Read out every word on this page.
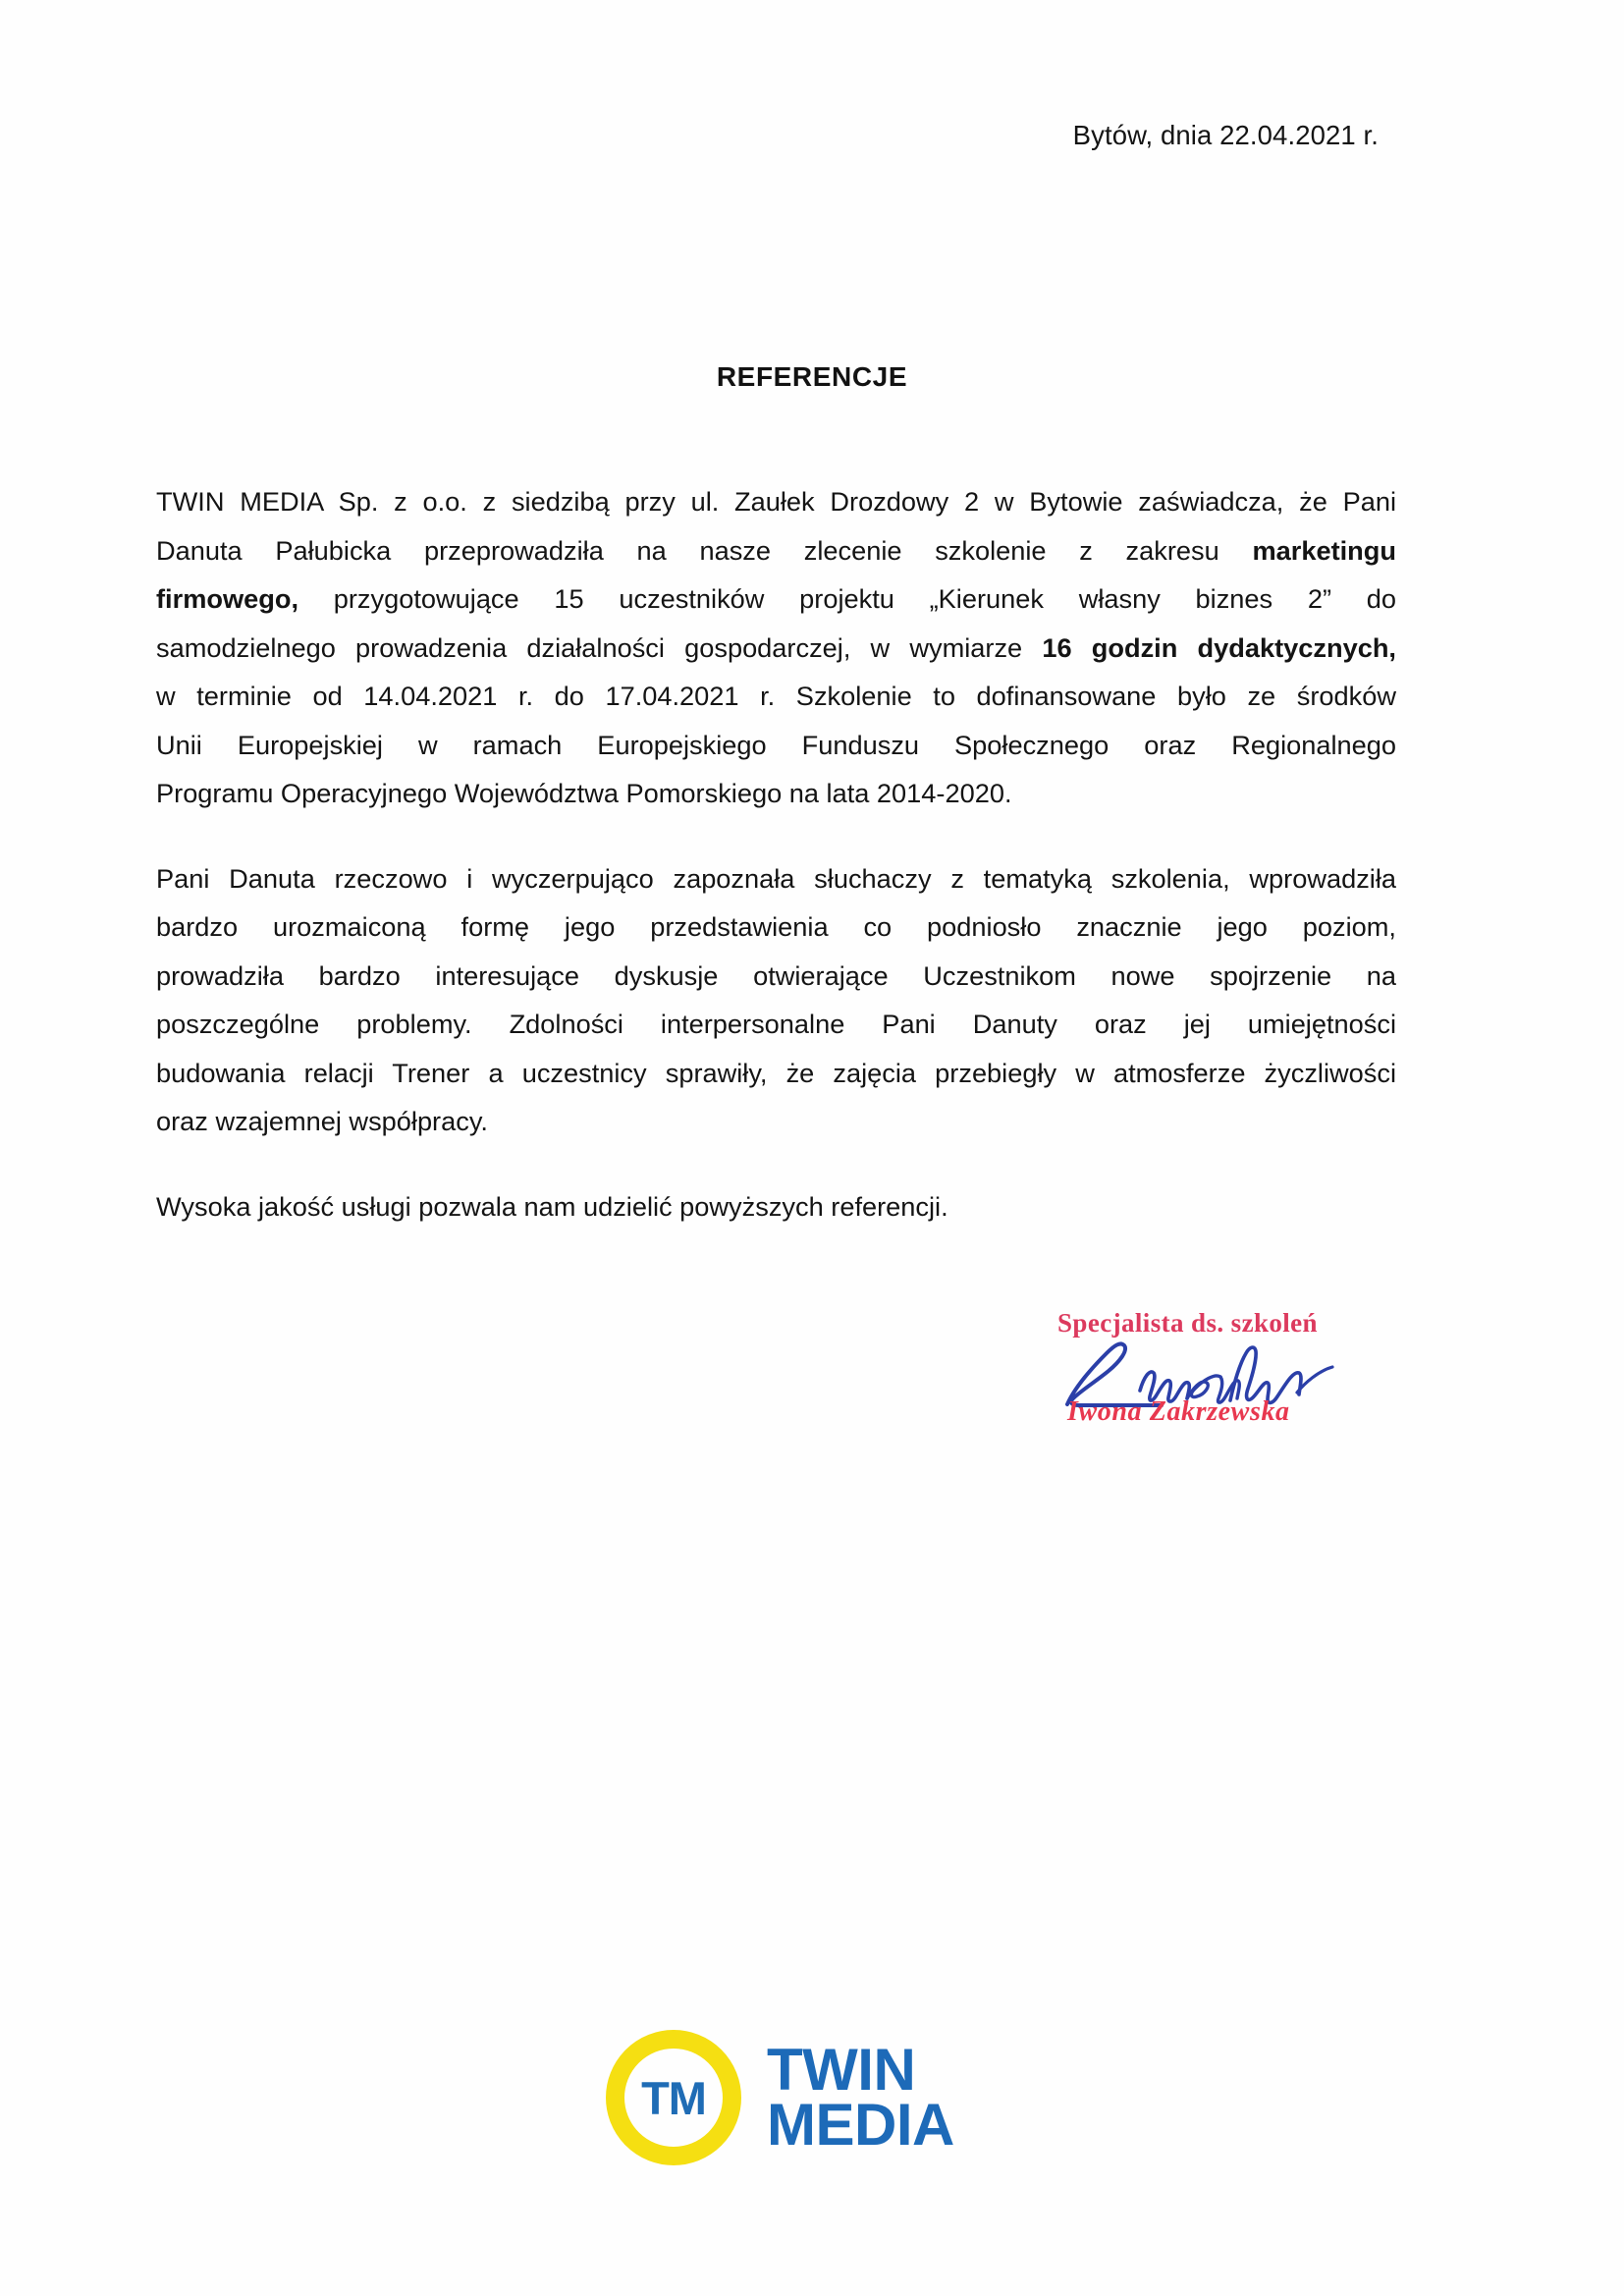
Bytów, dnia 22.04.2021 r.
REFERENCJE

TWIN MEDIA Sp. z o.o. z siedzibą przy ul. Zaułek Drozdowy 2 w Bytowie zaświadcza, że Pani
Danuta Pałubicka przeprowadziła na nasze zlecenie szkolenie z zakresu marketingu
firmowego, przygotowujące 15 uczestników projektu „Kierunek własny biznes 2” do
samodzielnego prowadzenia działalności gospodarczej, w wymiarze 16 godzin dydaktycznych,
w terminie od 14.04.2021 r. do 17.04.2021 r. Szkolenie to dofinansowane było ze środków
Unii Europejskiej w ramach Europejskiego Funduszu Społecznego oraz Regionalnego
Programu Operacyjnego Województwa Pomorskiego na lata 2014-2020.

Pani Danuta rzeczowo i wyczerpująco zapoznała słuchaczy z tematyką szkolenia, wprowadziła
bardzo urozmaiconą formę jego przedstawienia co podniosło znacznie jego poziom,
prowadziła bardzo interesujące dyskusje otwierające Uczestnikom nowe spojrzenie na
poszczególne problemy. Zdolności interpersonalne Pani Danuty oraz jej umiejętności
budowania relacji Trener a uczestnicy sprawiły, że zajęcia przebiegły w atmosferze życzliwości
oraz wzajemnej współpracy.

Wysoka jakość usługi pozwala nam udzielić powyższych referencji.

Specjalista ds. szkoleń
Iwona Zakrzewska
TM	TWIN
MEDIA
